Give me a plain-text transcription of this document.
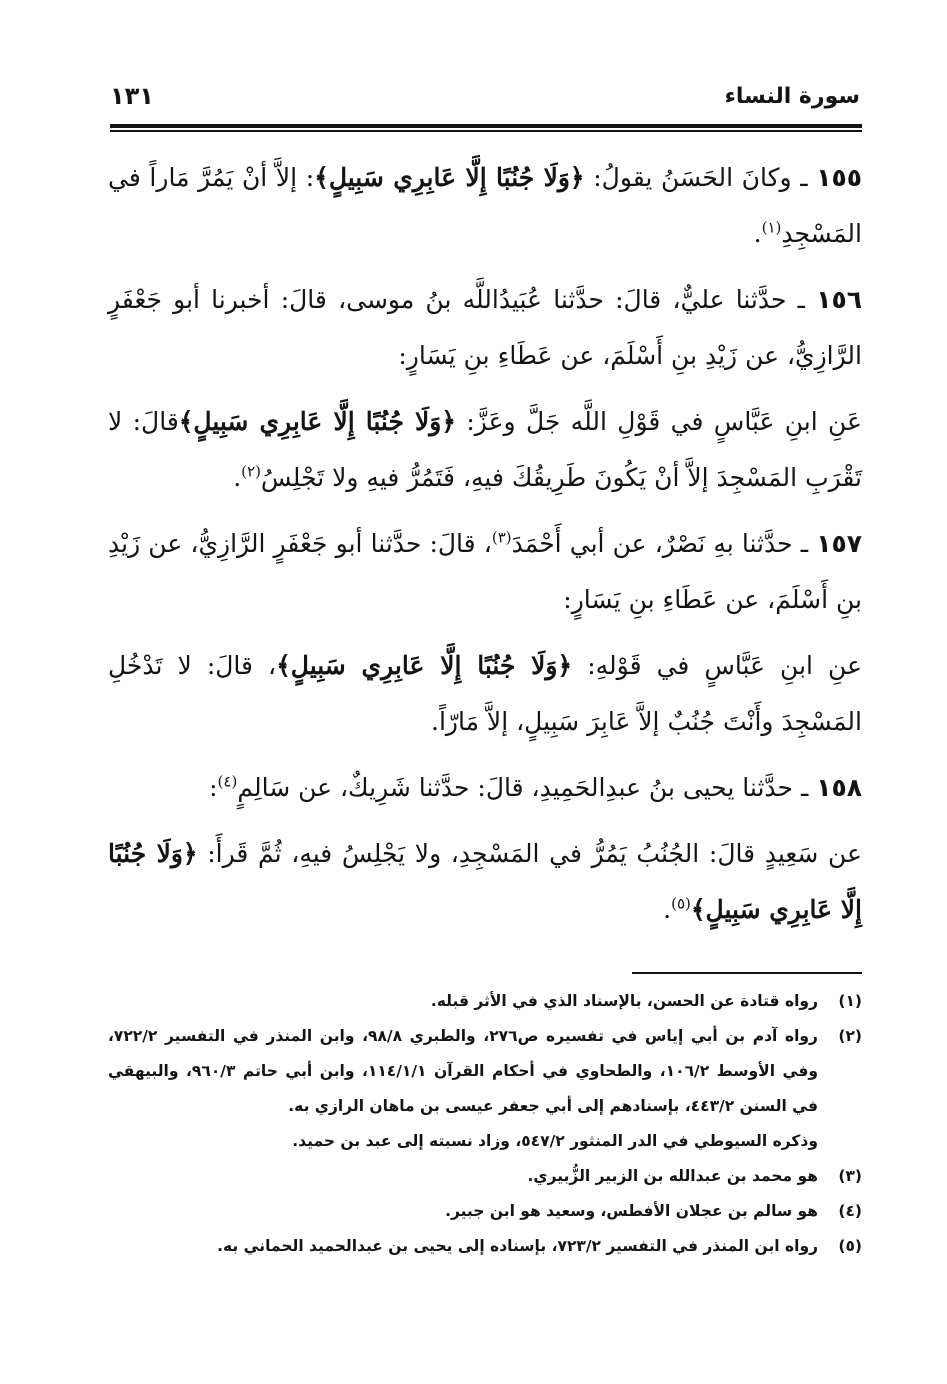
سورة النساء
١٣١

١٥٥ ـ وكانَ الحَسَنُ يقولُ: ﴿وَلَا جُنُبًا إِلَّا عَابِرِي سَبِيلٍ﴾: إلاَّ أنْ يَمُرَّ مَاراً في المَسْجِدِ$^{(١)}$.

١٥٦ ـ حدَّثنا عليٌّ، قالَ: حدَّثنا عُبَيدُاللَّه بنُ موسى، قالَ: أخبرنا أبو جَعْفَرٍ الرَّازِيُّ، عن زَيْدِ بنِ أَسْلَمَ، عن عَطَاءِ بنِ يَسَارٍ:

عَنِ ابنِ عَبَّاسٍ في قَوْلِ اللَّه جَلَّ وعَزَّ: ﴿وَلَا جُنُبًا إِلَّا عَابِرِي سَبِيلٍ﴾قالَ: لا تَقْرَبِ المَسْجِدَ إلاَّ أنْ يَكُونَ طَرِيقُكَ فيهِ، فَتَمُرُّ فيهِ ولا تَجْلِسُ$^{(٢)}$.

١٥٧ ـ حدَّثنا بهِ نَصْرٌ، عن أبي أَحْمَدَ$^{(٣)}$، قالَ: حدَّثنا أبو جَعْفَرٍ الرَّازِيُّ، عن زَيْدِ بنِ أَسْلَمَ، عن عَطَاءِ بنِ يَسَارٍ:

عنِ ابنِ عَبَّاسٍ في قَوْلهِ: ﴿وَلَا جُنُبًا إِلَّا عَابِرِي سَبِيلٍ﴾، قالَ: لا تَدْخُلِ المَسْجِدَ وأَنْتَ جُنُبٌ إلاَّ عَابِرَ سَبِيلٍ، إلاَّ مَارّاً.

١٥٨ ـ حدَّثنا يحيى بنُ عبدِالحَمِيدِ، قالَ: حدَّثنا شَرِيكٌ، عن سَالِمٍ$^{(٤)}$:

عن سَعِيدٍ قالَ: الجُنُبُ يَمُرُّ في المَسْجِدِ، ولا يَجْلِسُ فيهِ، ثُمَّ قَرأَ: ﴿وَلَا جُنُبًا إِلَّا عَابِرِي سَبِيلٍ﴾$^{(٥)}$.

(١)
رواه قتادة عن الحسن، بالإسناد الذي في الأثر قبله.
(٢)
رواه آدم بن أبي إياس في تفسيره ص٢٧٦، والطبري ٩٨/٨، وابن المنذر في التفسير ٧٢٢/٢، وفي الأوسط ١٠٦/٢، والطحاوي في أحكام القرآن ١١٤/١/١، وابن أبي حاتم ٩٦٠/٣، والبيهقي في السنن ٤٤٣/٢، بإسنادهم إلى أبي جعفر عيسى بن ماهان الرازي به.

وذكره السيوطي في الدر المنثور ٥٤٧/٢، وزاد نسبته إلى عبد بن حميد.

(٣)
هو محمد بن عبدالله بن الزبير الزُّبيري.
(٤)
هو سالم بن عجلان الأفطس، وسعيد هو ابن جبير.
(٥)
رواه ابن المنذر في التفسير ٧٢٣/٢، بإسناده إلى يحيى بن عبدالحميد الحماني به.
